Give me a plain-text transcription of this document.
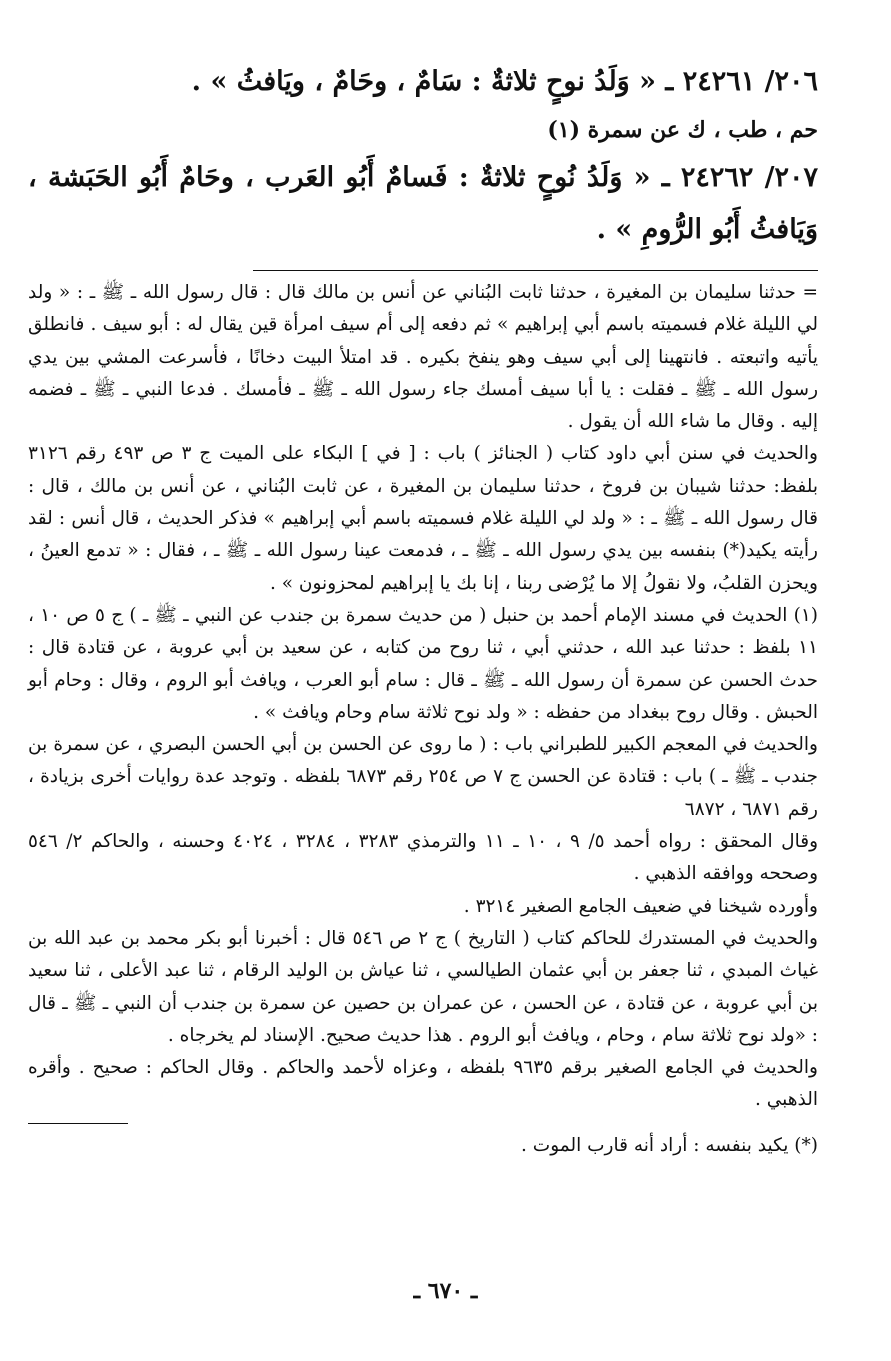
٢٠٦/ ٢٤٢٦١ ـ « وَلَدُ نوحٍ ثلاثةٌ : سَامٌ ، وحَامٌ ، ويَافثُ » .

حم ، طب ، ك عن سمرة (١)

٢٠٧/ ٢٤٢٦٢ ـ « وَلَدُ نُوحٍ ثلاثةٌ : فَسامٌ أَبُو العَرب ، وحَامٌ أَبُو الحَبَشة ، وَيَافثُ أَبُو الرُّومِ » .

= حدثنا سليمان بن المغيرة ، حدثنا ثابت البُناني عن أنس بن مالك قال : قال رسول الله ـ ﷺ ـ : « ولد لي الليلة غلام فسميته باسم أبي إبراهيم » ثم دفعه إلى أم سيف امرأة قين يقال له : أبو سيف . فانطلق يأتيه واتبعته . فانتهينا إلى أبي سيف وهو ينفخ بكيره . قد امتلأ البيت دخانًا ، فأسرعت المشي بين يدي رسول الله ـ ﷺ ـ فقلت : يا أبا سيف أمسك جاء رسول الله ـ ﷺ ـ فأمسك . فدعا النبي ـ ﷺ ـ فضمه إليه . وقال ما شاء الله أن يقول .

والحديث في سنن أبي داود كتاب ( الجنائز ) باب : [ في ] البكاء على الميت ج ٣ ص ٤٩٣ رقم ٣١٢٦ بلفظ: حدثنا شيبان بن فروخ ، حدثنا سليمان بن المغيرة ، عن ثابت البُناني ، عن أنس بن مالك ، قال : قال رسول الله ـ ﷺ ـ : « ولد لي الليلة غلام فسميته باسم أبي إبراهيم » فذكر الحديث ، قال أنس : لقد رأيته يكيد(*) بنفسه بين يدي رسول الله ـ ﷺ ـ ، فدمعت عينا رسول الله ـ ﷺ ـ ، فقال : « تدمع العينُ ، ويحزن القلبُ، ولا نقولُ إلا ما يُرْضى ربنا ، إنا بك يا إبراهيم لمحزونون » .

(١) الحديث في مسند الإمام أحمد بن حنبل ( من حديث سمرة بن جندب عن النبي ـ ﷺ ـ ) ج ٥ ص ١٠ ، ١١ بلفظ : حدثنا عبد الله ، حدثني أبي ، ثنا روح من كتابه ، عن سعيد بن أبي عروبة ، عن قتادة قال : حدث الحسن عن سمرة أن رسول الله ـ ﷺ ـ قال : سام أبو العرب ، ويافث أبو الروم ، وقال : وحام أبو الحبش . وقال روح ببغداد من حفظه : « ولد نوح ثلاثة سام وحام ويافث » .

والحديث في المعجم الكبير للطبراني باب : ( ما روى عن الحسن بن أبي الحسن البصري ، عن سمرة بن جندب ـ ﷺ ـ ) باب : قتادة عن الحسن ج ٧ ص ٢٥٤ رقم ٦٨٧٣ بلفظه . وتوجد عدة روايات أخرى بزيادة ، رقم ٦٨٧١ ، ٦٨٧٢

وقال المحقق : رواه أحمد ٥/ ٩ ، ١٠ ـ ١١ والترمذي ٣٢٨٣ ، ٣٢٨٤ ، ٤٠٢٤ وحسنه ، والحاكم ٢/ ٥٤٦ وصححه ووافقه الذهبي .

وأورده شيخنا في ضعيف الجامع الصغير ٣٢١٤ .

والحديث في المستدرك للحاكم كتاب ( التاريخ ) ج ٢ ص ٥٤٦ قال : أخبرنا أبو بكر محمد بن عبد الله بن غياث المبدي ، ثنا جعفر بن أبي عثمان الطيالسي ، ثنا عياش بن الوليد الرقام ، ثنا عبد الأعلى ، ثنا سعيد بن أبي عروبة ، عن قتادة ، عن الحسن ، عن عمران بن حصين عن سمرة بن جندب أن النبي ـ ﷺ ـ قال : «ولد نوح ثلاثة سام ، وحام ، ويافث أبو الروم . هذا حديث صحيح. الإسناد لم يخرجاه .

والحديث في الجامع الصغير برقم ٩٦٣٥ بلفظه ، وعزاه لأحمد والحاكم . وقال الحاكم : صحيح . وأقره الذهبي .

(*) يكيد بنفسه : أراد أنه قارب الموت .

ـ ٦٧٠ ـ
